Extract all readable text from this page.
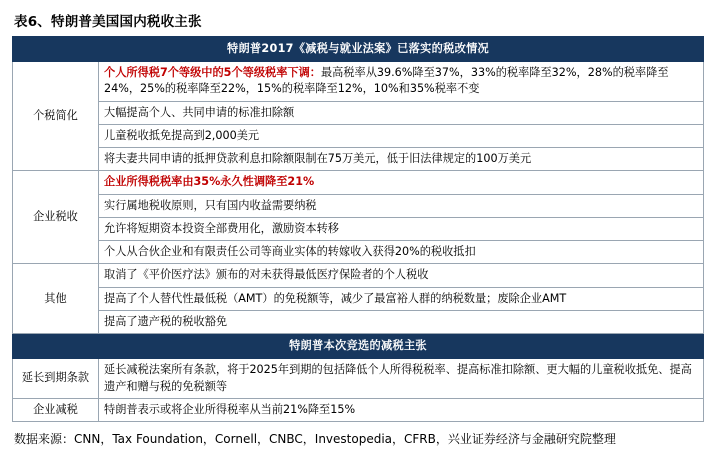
表6、特朗普美国国内税收主张
特朗普2017《减税与就业法案》已落实的税改情况	
个税简化	个人所得税7个等级中的5个等级税率下调：最高税率从39.6%降至37%，33%的税率降至32%，28%的税率降至24%，25%的税率降至22%，15%的税率降至12%，10%和35%税率不变
	大幅提高个人、共同申请的标准扣除额
	儿童税收抵免提高到2,000美元
	将夫妻共同申请的抵押贷款利息扣除额限制在75万美元，低于旧法律规定的100万美元
企业税收	企业所得税税率由35%永久性调降至21%
	实行属地税收原则，只有国内收益需要纳税
	允许将短期资本投资全部费用化，激励资本转移
	个人从合伙企业和有限责任公司等商业实体的转嫁收入获得20%的税收抵扣
其他	取消了《平价医疗法》颁布的对未获得最低医疗保险者的个人税收
	提高了个人替代性最低税（AMT）的免税额等，减少了最富裕人群的纳税数量；废除企业AMT
	提高了遗产税的税收豁免
特朗普本次竞选的减税主张	
延长到期条款	延长减税法案所有条款，将于2025年到期的包括降低个人所得税税率、提高标准扣除额、更大幅的儿童税收抵免、提高遗产和赠与税的免税额等
企业减税	特朗普表示或将企业所得税率从当前21%降至15%
数据来源：CNN，Tax Foundation，Cornell，CNBC，Investopedia，CFRB，兴业证券经济与金融研究院整理
